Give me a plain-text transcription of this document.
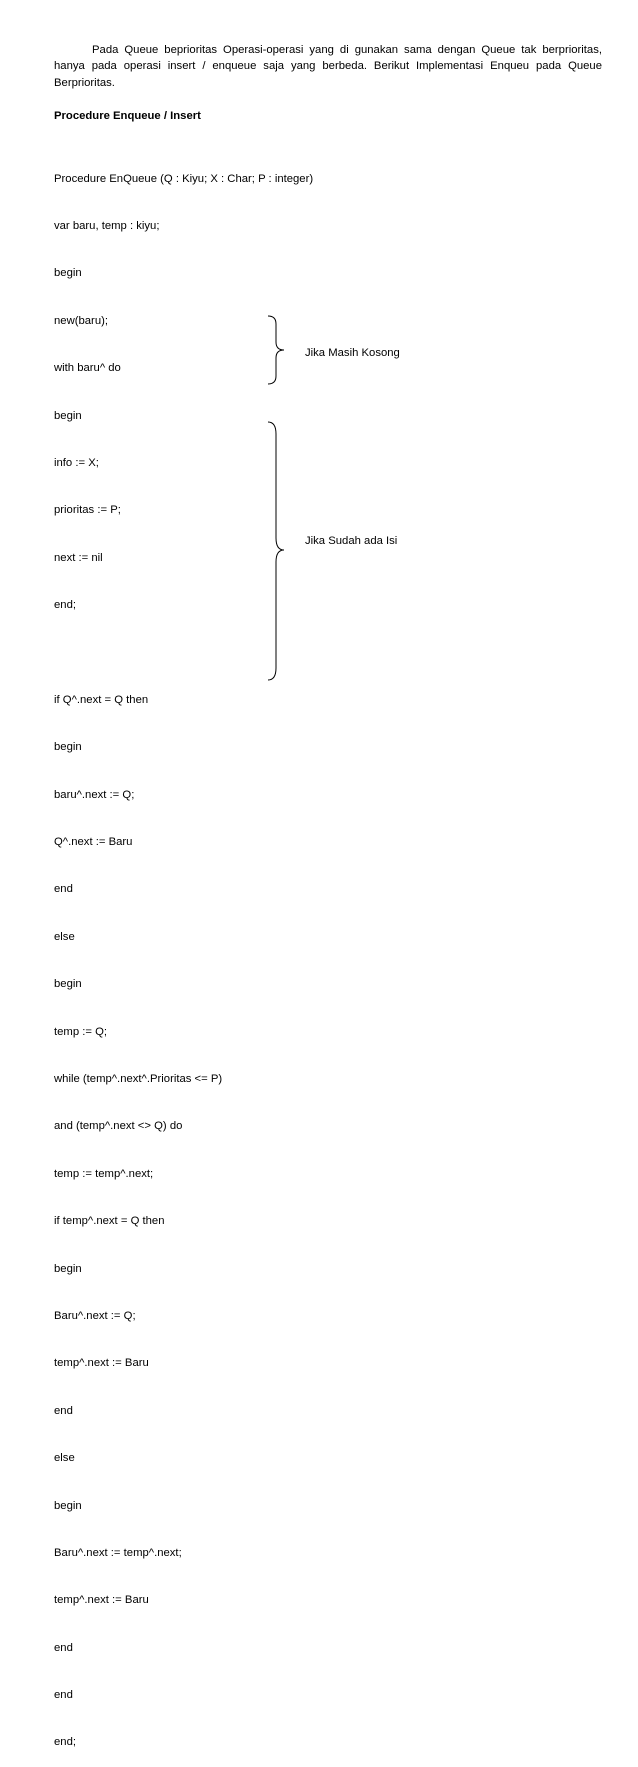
Pada Queue beprioritas Operasi-operasi yang di gunakan sama dengan Queue tak berprioritas, hanya pada operasi insert / enqueue saja yang berbeda. Berikut Implementasi Enqueu pada Queue Berprioritas.

Procedure Enqueue / Insert

Procedure EnQueue (Q : Kiyu; X : Char; P : integer)

var baru, temp : kiyu;

begin

new(baru);

with baru^ do

begin

info := X;

prioritas := P;

next := nil

end;

if Q^.next = Q then

begin

baru^.next := Q;

Q^.next := Baru

end

else

begin

temp := Q;

while (temp^.next^.Prioritas <= P)

and (temp^.next <> Q) do

temp := temp^.next;

if temp^.next = Q then

begin

Baru^.next := Q;

temp^.next := Baru

end

else

begin

Baru^.next := temp^.next;

temp^.next := Baru

end

end

end;

Jika Masih Kosong
Jika Sudah ada Isi
